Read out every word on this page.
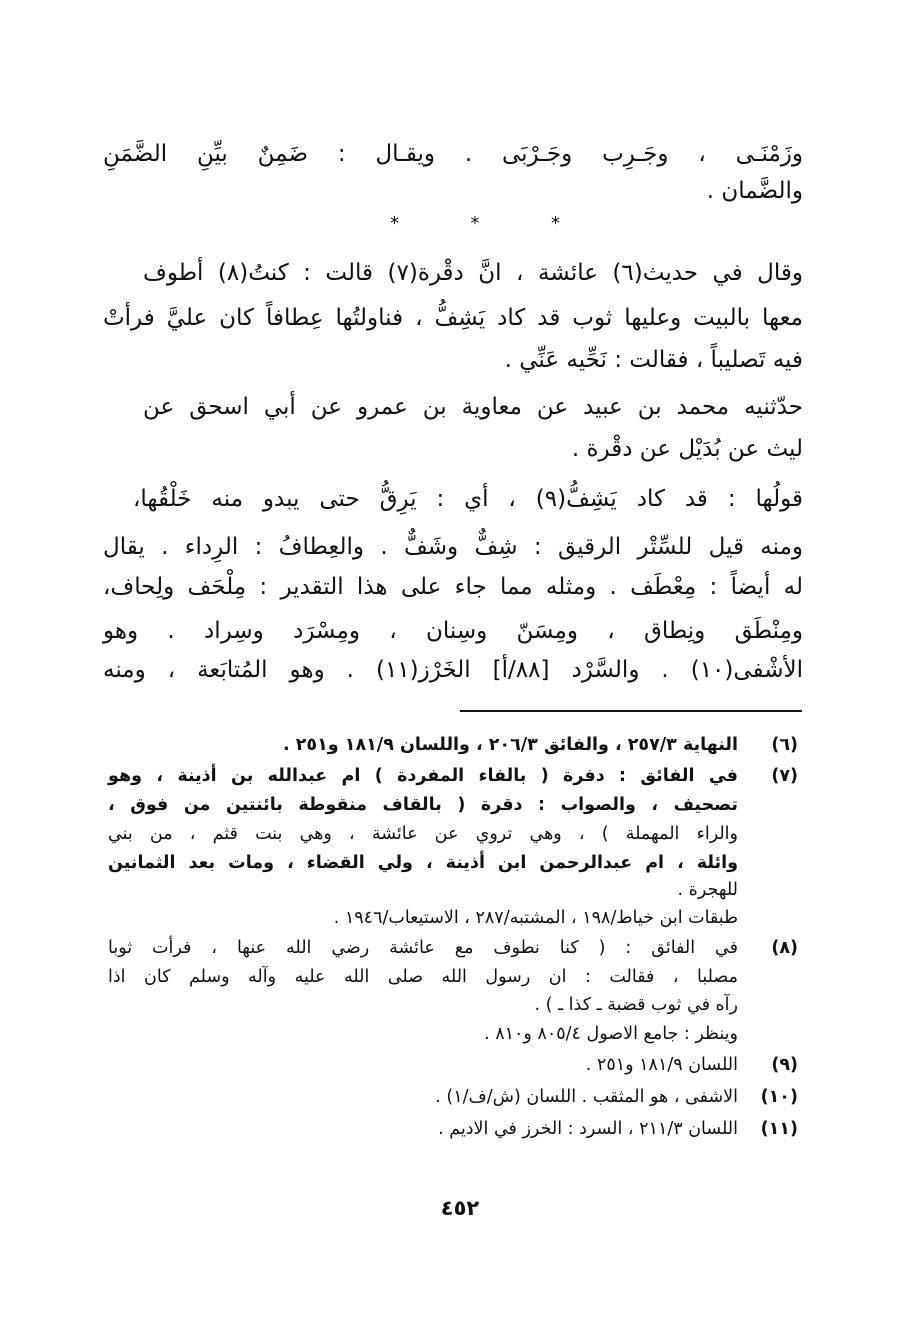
وزَمْنَـى ، وجَـرِب وجَـرْبَى . ويقـال : ضَمِنٌ بيِّنِ الضَّمَنِ
والضَّمان .
*	*	*
وقال في حديث(٦) عائشة ، انَّ دقْرة(٧) قالت : كنتُ(٨) أطوف
معها بالبيت وعليها ثوب قد كاد يَشِفُّ ، فناولتُها عِطافاً كان عليَّ فرأتْ
فيه تَصليباً ، فقالت : نَحِّيه عَنِّي .
حدّثنيه محمد بن عبيد عن معاوية بن عمرو عن أبي اسحق عن
ليث عن بُدَيْل عن دقْرة .
قولُها : قد كاد يَشِفُّ(٩) ، أي : يَرِقُّ حتى يبدو منه خَلْقُها،
ومنه قيل للسِّتْر الرقيق : شِفٌّ وشَفٌّ . والعِطافُ : الرِداء . يقال
له أيضاً : مِعْطَف . ومثله مما جاء على هذا التقدير : مِلْحَف ولِحاف،
ومِنْطَق ونِطاق ، ومِسَنّ وسِنان ، ومِسْرَد وسِراد . وهو
الأشْفى(١٠) . والسَّرْد [٨٨/أ] الخَرْز(١١) . وهو المُتابَعة ، ومنه
(٦)
النهاية ٢٥٧/٣ ، والفائق ٢٠٦/٣ ، واللسان ١٨١/٩ و٢٥١ .
(٧)
في الفائق : دفرة ( بالفاء المفردة ) ام عبدالله بن أذينة ، وهو
تصحيف ، والصواب : دقرة ( بالقاف منقوطة بائنتين من فوق ،
والراء المهملة ) ، وهي تروي عن عائشة ، وهي بنت قثم ، من بني
وائلة ، ام عبدالرحمن ابن أذينة ، ولي القضاء ، ومات بعد الثمانين
للهجرة .
طبقات ابن خياط/١٩٨ ، المشتبه/٢٨٧ ، الاستيعاب/١٩٤٦ .
(٨)
في الفائق : ( كنا نطوف مع عائشة رضي الله عنها ، فرأت ثوبا
مصلبا ، فقالت : ان رسول الله صلى الله عليه وآله وسلم كان اذا
رآه في ثوب قضبة ـ كذا ـ ) .
وينظر : جامع الاصول ٨٠٥/٤ و٨١٠ .
(٩)
اللسان ١٨١/٩ و٢٥١ .
(١٠)
الاشفى ، هو المثقب . اللسان (ش/ف/١) .
(١١)
اللسان ٢١١/٣ ، السرد : الخرز في الاديم .
٤٥٢
